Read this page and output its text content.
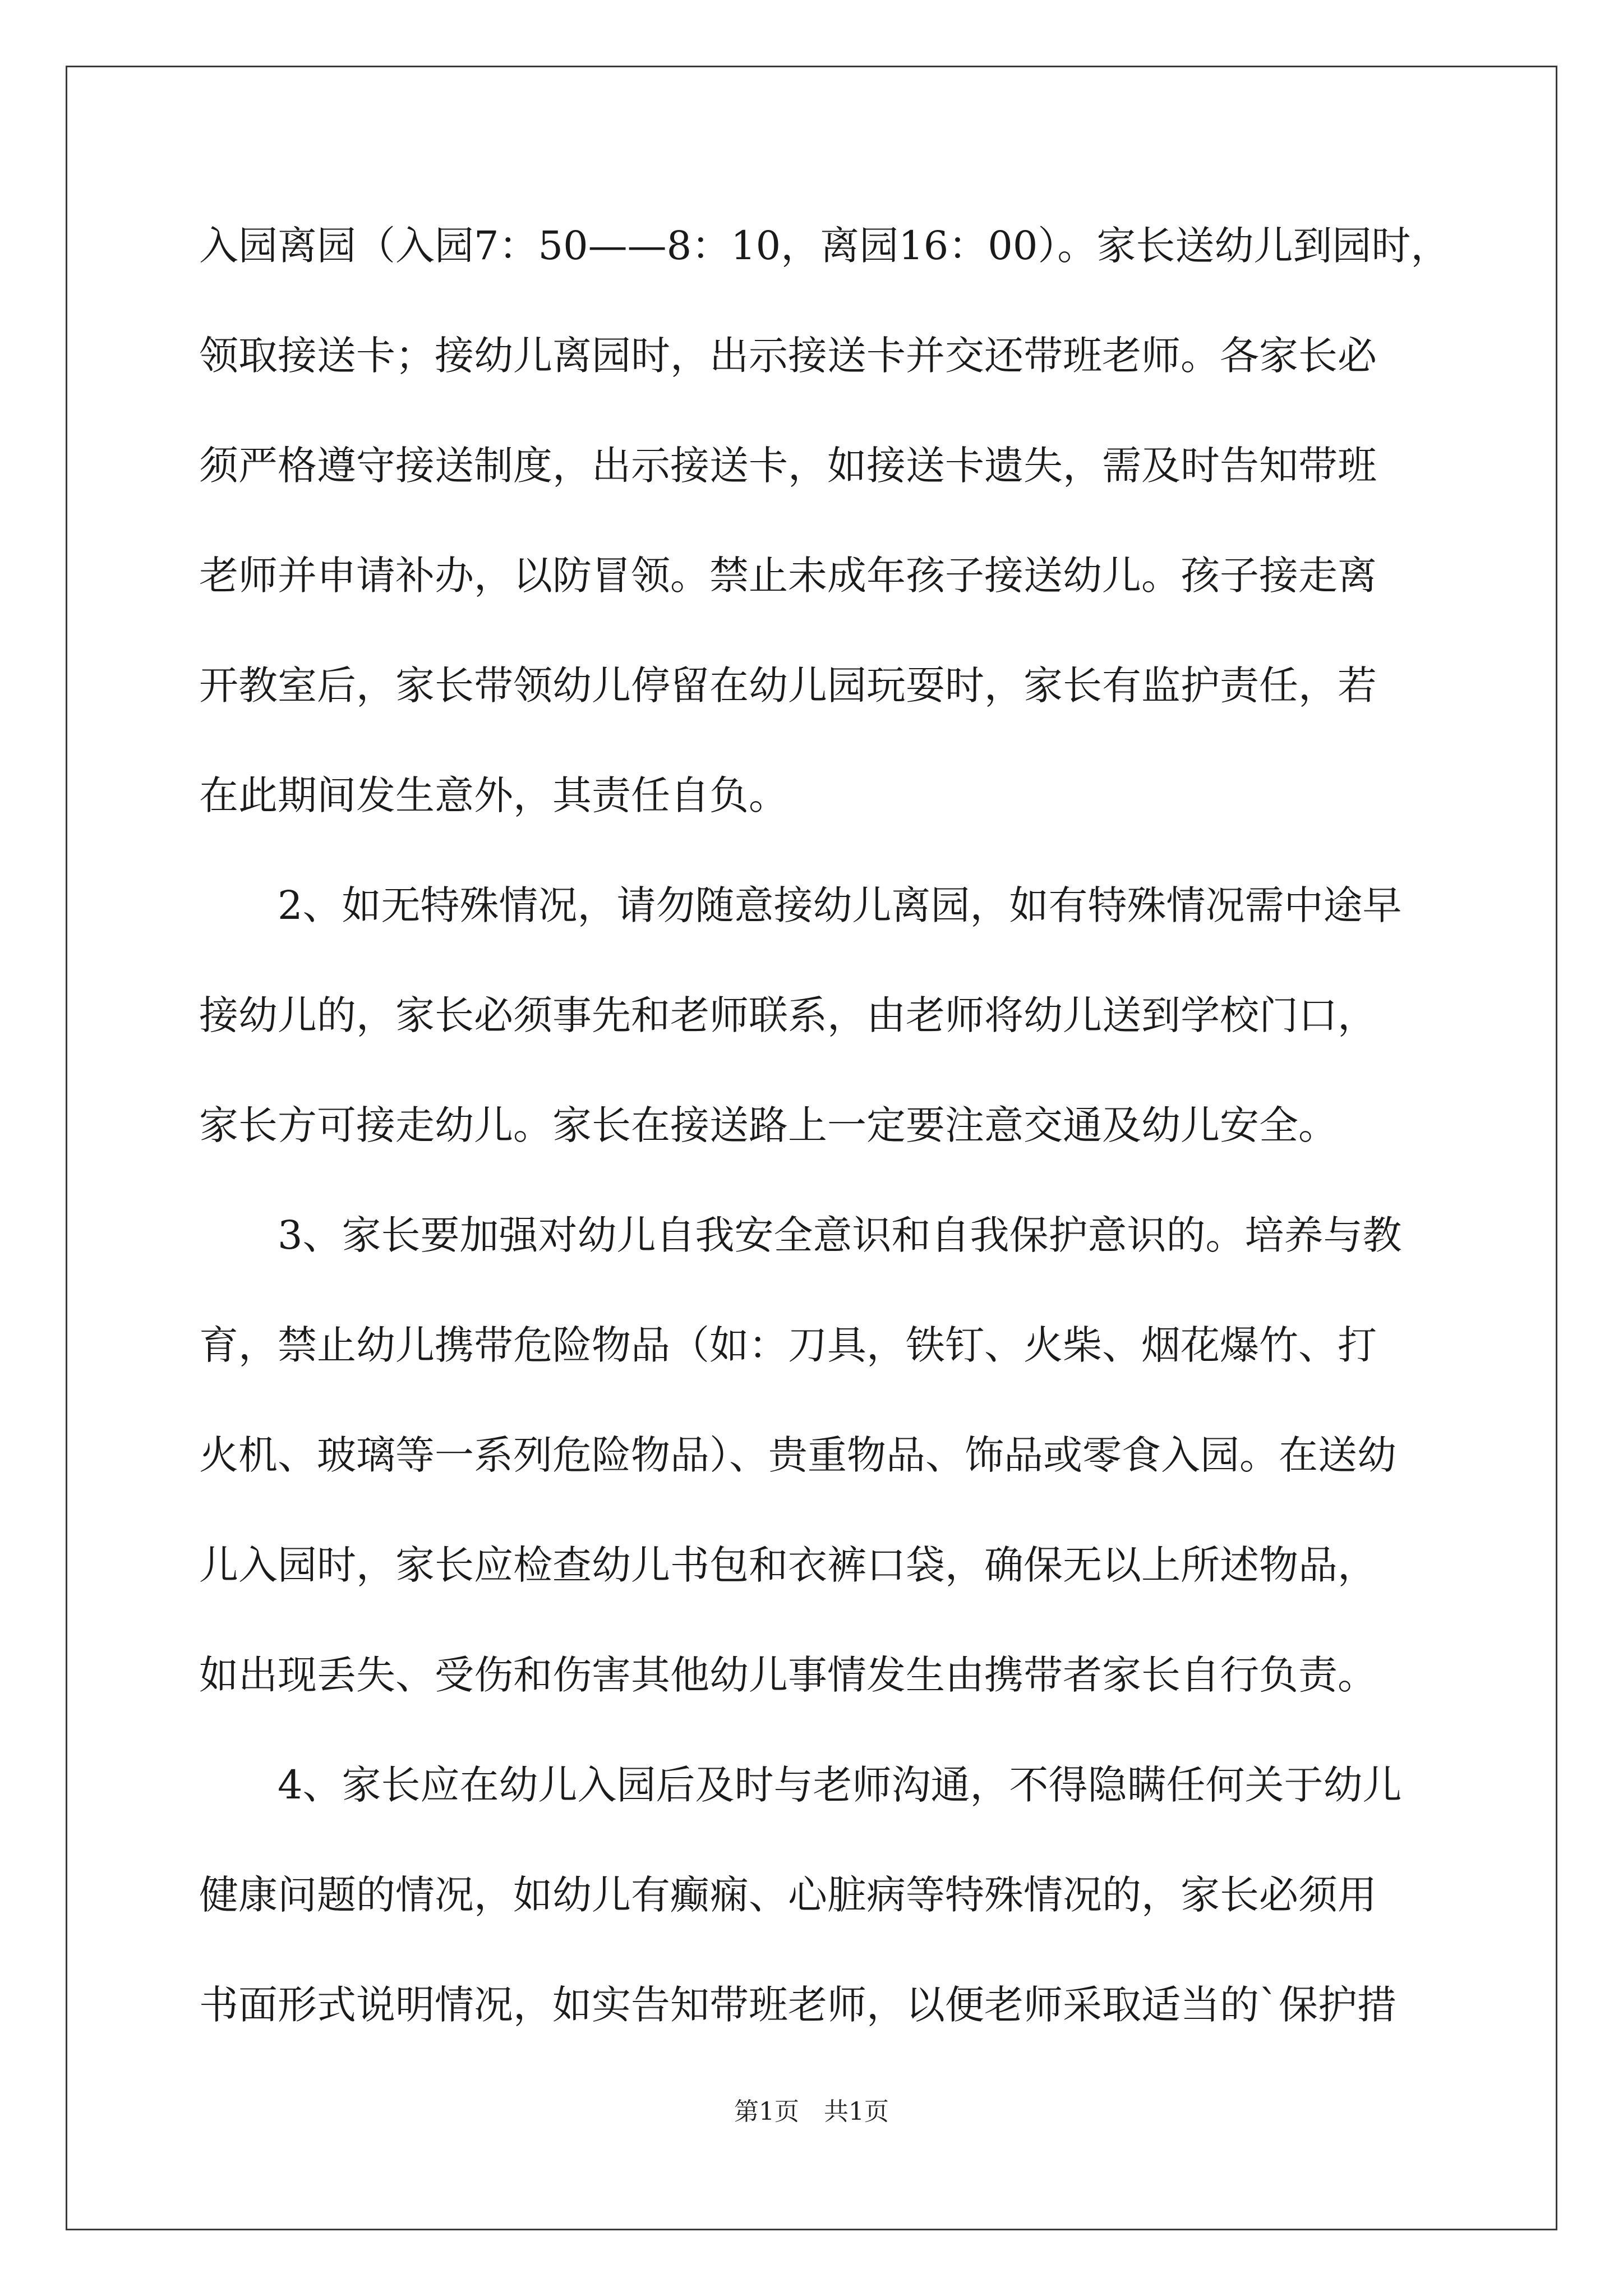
入园离园（入园7：50——8：10，离园16：00）。家长送幼儿到园时，

领取接送卡；接幼儿离园时，出示接送卡并交还带班老师。各家长必

须严格遵守接送制度，出示接送卡，如接送卡遗失，需及时告知带班

老师并申请补办，以防冒领。禁止未成年孩子接送幼儿。孩子接走离

开教室后，家长带领幼儿停留在幼儿园玩耍时，家长有监护责任，若

在此期间发生意外，其责任自负。

　　2、如无特殊情况，请勿随意接幼儿离园，如有特殊情况需中途早

接幼儿的，家长必须事先和老师联系，由老师将幼儿送到学校门口，

家长方可接走幼儿。家长在接送路上一定要注意交通及幼儿安全。

　　3、家长要加强对幼儿自我安全意识和自我保护意识的。培养与教

育，禁止幼儿携带危险物品（如：刀具，铁钉、火柴、烟花爆竹、打

火机、玻璃等一系列危险物品）、贵重物品、饰品或零食入园。在送幼

儿入园时，家长应检查幼儿书包和衣裤口袋，确保无以上所述物品，

如出现丢失、受伤和伤害其他幼儿事情发生由携带者家长自行负责。

　　4、家长应在幼儿入园后及时与老师沟通，不得隐瞒任何关于幼儿

健康问题的情况，如幼儿有癫痫、心脏病等特殊情况的，家长必须用

书面形式说明情况，如实告知带班老师，以便老师采取适当的`保护措

第1页　共1页
